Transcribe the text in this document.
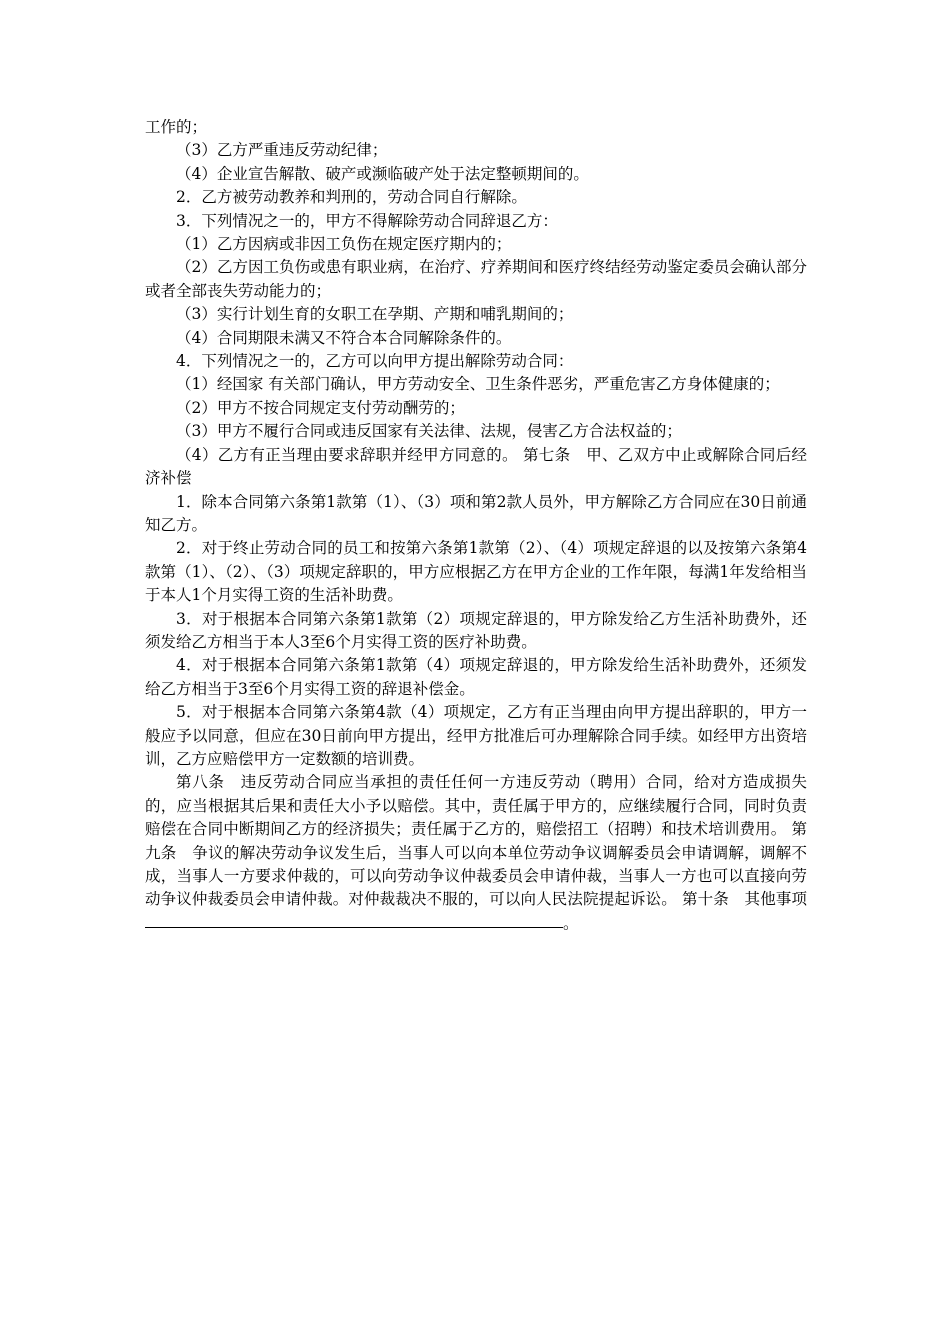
工作的；

（3）乙方严重违反劳动纪律；

（4）企业宣告解散、破产或濒临破产处于法定整顿期间的。

2．乙方被劳动教养和判刑的，劳动合同自行解除。

3．下列情况之一的，甲方不得解除劳动合同辞退乙方：

（1）乙方因病或非因工负伤在规定医疗期内的；

（2）乙方因工负伤或患有职业病，在治疗、疗养期间和医疗终结经劳动鉴定委员会确认部分或者全部丧失劳动能力的；

（3）实行计划生育的女职工在孕期、产期和哺乳期间的；

（4）合同期限未满又不符合本合同解除条件的。

4．下列情况之一的，乙方可以向甲方提出解除劳动合同：

（1）经国家 有关部门确认，甲方劳动安全、卫生条件恶劣，严重危害乙方身体健康的；

（2）甲方不按合同规定支付劳动酬劳的；

（3）甲方不履行合同或违反国家有关法律、法规，侵害乙方合法权益的；

（4）乙方有正当理由要求辞职并经甲方同意的。 第七条　甲、乙双方中止或解除合同后经济补偿

1．除本合同第六条第1款第（1）、（3）项和第2款人员外，甲方解除乙方合同应在30日前通知乙方。

2．对于终止劳动合同的员工和按第六条第1款第（2）、（4）项规定辞退的以及按第六条第4款第（1）、（2）、（3）项规定辞职的，甲方应根据乙方在甲方企业的工作年限，每满1年发给相当于本人1个月实得工资的生活补助费。

3．对于根据本合同第六条第1款第（2）项规定辞退的，甲方除发给乙方生活补助费外，还须发给乙方相当于本人3至6个月实得工资的医疗补助费。

4．对于根据本合同第六条第1款第（4）项规定辞退的，甲方除发给生活补助费外，还须发给乙方相当于3至6个月实得工资的辞退补偿金。

5．对于根据本合同第六条第4款（4）项规定，乙方有正当理由向甲方提出辞职的，甲方一般应予以同意，但应在30日前向甲方提出，经甲方批准后可办理解除合同手续。如经甲方出资培训，乙方应赔偿甲方一定数额的培训费。

第八条　违反劳动合同应当承担的责任任何一方违反劳动（聘用）合同，给对方造成损失的，应当根据其后果和责任大小予以赔偿。其中，责任属于甲方的，应继续履行合同，同时负责赔偿在合同中断期间乙方的经济损失；责任属于乙方的，赔偿招工（招聘）和技术培训费用。 第九条　争议的解决劳动争议发生后，当事人可以向本单位劳动争议调解委员会申请调解，调解不成，当事人一方要求仲裁的，可以向劳动争议仲裁委员会申请仲裁，当事人一方也可以直接向劳动争议仲裁委员会申请仲裁。对仲裁裁决不服的，可以向人民法院提起诉讼。 第十条　其他事项。
